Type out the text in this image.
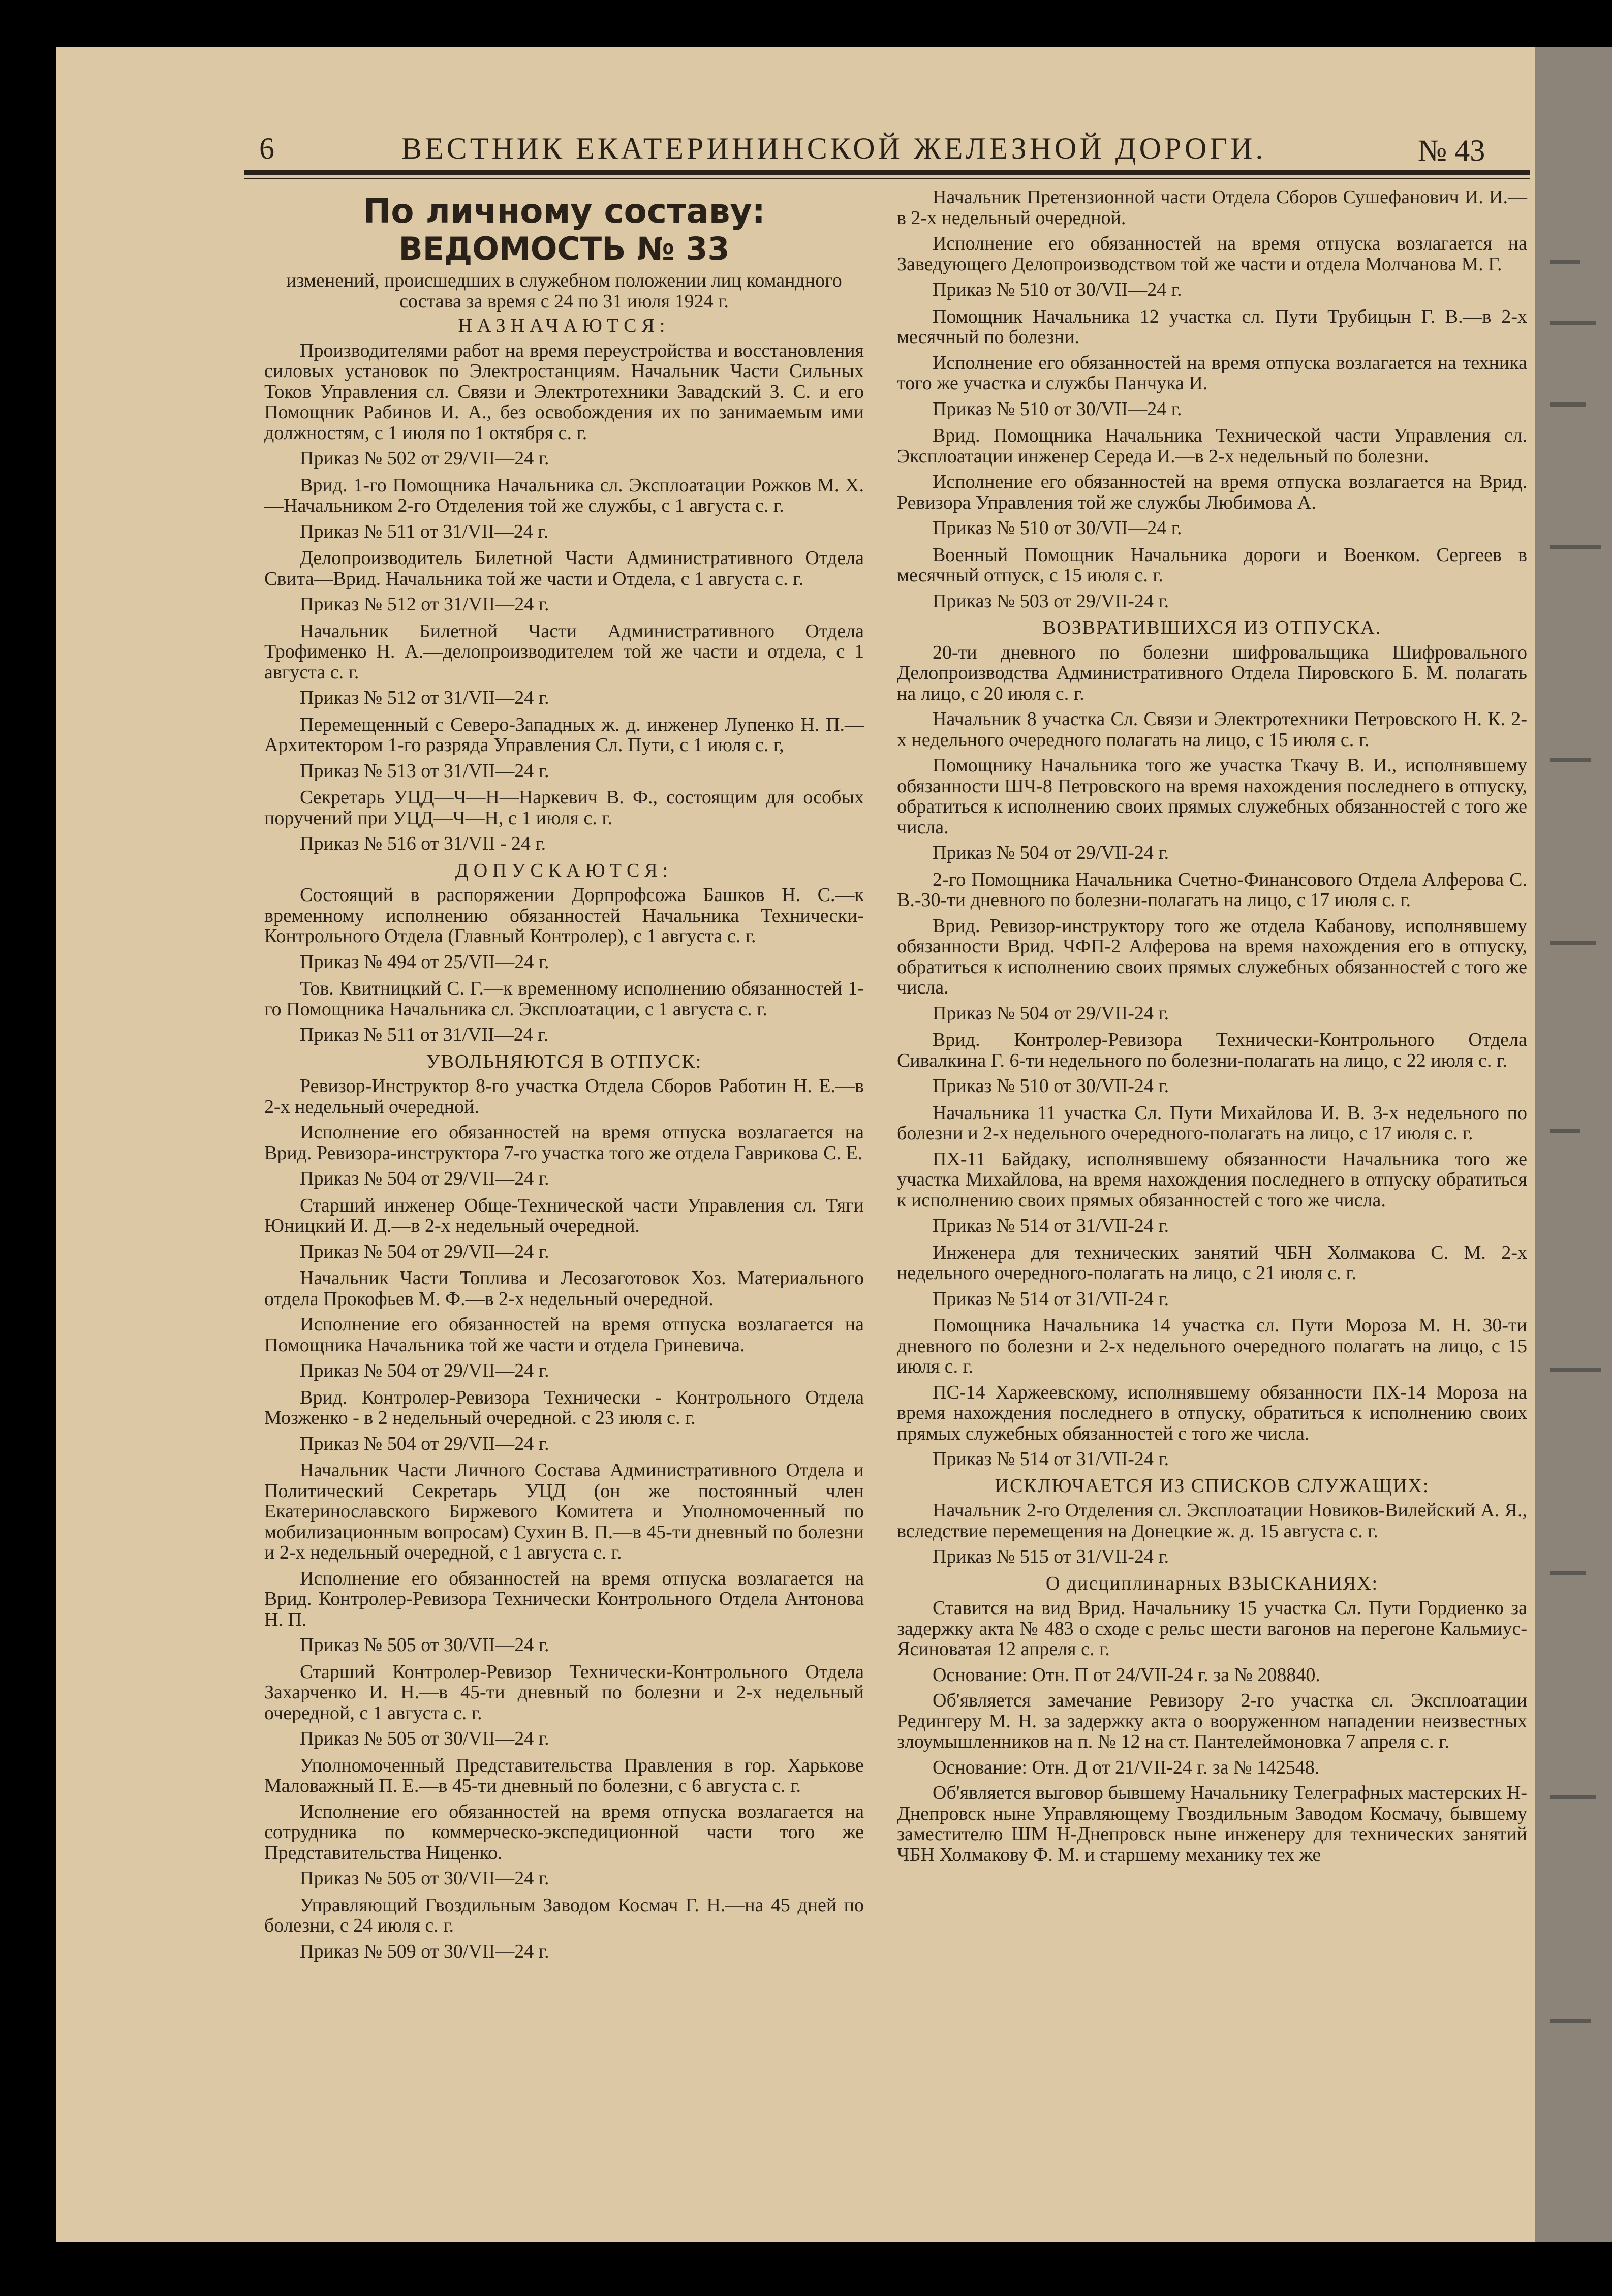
6	ВЕСТНИК ЕКАТЕРИНИНСКОЙ ЖЕЛЕЗНОЙ ДОРОГИ.	№ 43
По личному составу:
ВЕДОМОСТЬ № 33
изменений, происшедших в служебном положении лиц командного состава за время с 24 по 31 июля 1924 г.
НАЗНАЧАЮТСЯ:

Производителями работ на время переустройства и восстановления силовых установок по Электростанциям. Начальник Части Сильных Токов Управления сл. Связи и Электротехники Завадский З. С. и его Помощник Рабинов И. А., без освобождения их по занимаемым ими должностям, с 1 июля по 1 октября с. г.

Приказ № 502 от 29/VII—24 г.

Врид. 1-го Помощника Начальника сл. Эксплоатации Рожков М. Х.—Начальником 2-го Отделения той же службы, с 1 августа с. г.

Приказ № 511 от 31/VII—24 г.

Делопроизводитель Билетной Части Административного Отдела Свита—Врид. Начальника той же части и Отдела, с 1 августа с. г.

Приказ № 512 от 31/VII—24 г.

Начальник Билетной Части Административного Отдела Трофименко Н. А.—делопроизводителем той же части и отдела, с 1 августа с. г.

Приказ № 512 от 31/VII—24 г.

Перемещенный с Северо-Западных ж. д. инженер Лупенко Н. П.—Архитектором 1-го разряда Управления Сл. Пути, с 1 июля с. г,

Приказ № 513 от 31/VII—24 г.

Секретарь УЦД—Ч—Н—Наркевич В. Ф., состоящим для особых поручений при УЦД—Ч—Н, с 1 июля с. г.

Приказ № 516 от 31/VII - 24 г.

ДОПУСКАЮТСЯ:

Состоящий в распоряжении Дорпрофсожа Башков Н. С.—к временному исполнению обязанностей Начальника Технически-Контрольного Отдела (Главный Контролер), с 1 августа с. г.

Приказ № 494 от 25/VII—24 г.

Тов. Квитницкий С. Г.—к временному исполнению обязанностей 1-го Помощника Начальника сл. Эксплоатации, с 1 августа с. г.

Приказ № 511 от 31/VII—24 г.

УВОЛЬНЯЮТСЯ В ОТПУСК:

Ревизор-Инструктор 8-го участка Отдела Сборов Работин Н. Е.—в 2-х недельный очередной.

Исполнение его обязанностей на время отпуска возлагается на Врид. Ревизора-инструктора 7-го участка того же отдела Гаврикова С. Е.

Приказ № 504 от 29/VII—24 г.

Старший инженер Обще-Технической части Управления сл. Тяги Юницкий И. Д.—в 2-х недельный очередной.

Приказ № 504 от 29/VII—24 г.

Начальник Части Топлива и Лесозаготовок Хоз. Материального отдела Прокофьев М. Ф.—в 2-х недельный очередной.

Исполнение его обязанностей на время отпуска возлагается на Помощника Начальника той же части и отдела Гриневича.

Приказ № 504 от 29/VII—24 г.

Врид. Контролер-Ревизора Технически - Контрольного Отдела Мозженко - в 2 недельный очередной. с 23 июля с. г.

Приказ № 504 от 29/VII—24 г.

Начальник Части Личного Состава Административного Отдела и Политический Секретарь УЦД (он же постоянный член Екатеринославского Биржевого Комитета и Уполномоченный по мобилизационным вопросам) Сухин В. П.—в 45-ти дневный по болезни и 2-х недельный очередной, с 1 августа с. г.

Исполнение его обязанностей на время отпуска возлагается на Врид. Контролер-Ревизора Технически Контрольного Отдела Антонова Н. П.

Приказ № 505 от 30/VII—24 г.

Старший Контролер-Ревизор Технически-Контрольного Отдела Захарченко И. Н.—в 45-ти дневный по болезни и 2-х недельный очередной, с 1 августа с. г.

Приказ № 505 от 30/VII—24 г.

Уполномоченный Представительства Правления в гор. Харькове Маловажный П. Е.—в 45-ти дневный по болезни, с 6 августа с. г.

Исполнение его обязанностей на время отпуска возлагается на сотрудника по коммерческо-экспедиционной части того же Представительства Ниценко.

Приказ № 505 от 30/VII—24 г.

Управляющий Гвоздильным Заводом Космач Г. Н.—на 45 дней по болезни, с 24 июля с. г.

Приказ № 509 от 30/VII—24 г.

Начальник Претензионной части Отдела Сборов Сушефанович И. И.—в 2-х недельный очередной.

Исполнение его обязанностей на время отпуска возлагается на Заведующего Делопроизводством той же части и отдела Молчанова М. Г.

Приказ № 510 от 30/VII—24 г.

Помощник Начальника 12 участка сл. Пути Трубицын Г. В.—в 2-х месячный по болезни.

Исполнение его обязанностей на время отпуска возлагается на техника того же участка и службы Панчука И.

Приказ № 510 от 30/VII—24 г.

Врид. Помощника Начальника Технической части Управления сл. Эксплоатации инженер Середа И.—в 2-х недельный по болезни.

Исполнение его обязанностей на время отпуска возлагается на Врид. Ревизора Управления той же службы Любимова А.

Приказ № 510 от 30/VII—24 г.

Военный Помощник Начальника дороги и Военком. Сергеев в месячный отпуск, с 15 июля с. г.

Приказ № 503 от 29/VII-24 г.

ВОЗВРАТИВШИХСЯ ИЗ ОТПУСКА.

20-ти дневного по болезни шифровальщика Шифровального Делопроизводства Административного Отдела Пировского Б. М. полагать на лицо, с 20 июля с. г.

Начальник 8 участка Сл. Связи и Электротехники Петровского Н. К. 2-х недельного очередного полагать на лицо, с 15 июля с. г.

Помощнику Начальника того же участка Ткачу В. И., исполнявшему обязанности ШЧ-8 Петровского на время нахождения последнего в отпуску, обратиться к исполнению своих прямых служебных обязанностей с того же числа.

Приказ № 504 от 29/VII-24 г.

2-го Помощника Начальника Счетно-Финансового Отдела Алферова С. В.-30-ти дневного по болезни-полагать на лицо, с 17 июля с. г.

Врид. Ревизор-инструктору того же отдела Кабанову, исполнявшему обязанности Врид. ЧФП-2 Алферова на время нахождения его в отпуску, обратиться к исполнению своих прямых служебных обязанностей с того же числа.

Приказ № 504 от 29/VII-24 г.

Врид. Контролер-Ревизора Технически-Контрольного Отдела Сивалкина Г. 6-ти недельного по болезни-полагать на лицо, с 22 июля с. г.

Приказ № 510 от 30/VII-24 г.

Начальника 11 участка Сл. Пути Михайлова И. В. 3-х недельного по болезни и 2-х недельного очередного-полагать на лицо, с 17 июля с. г.

ПХ-11 Байдаку, исполнявшему обязанности Начальника того же участка Михайлова, на время нахождения последнего в отпуску обратиться к исполнению своих прямых обязанностей с того же числа.

Приказ № 514 от 31/VII-24 г.

Инженера для технических занятий ЧБН Холмакова С. М. 2-х недельного очередного-полагать на лицо, с 21 июля с. г.

Приказ № 514 от 31/VII-24 г.

Помощника Начальника 14 участка сл. Пути Мороза М. Н. 30-ти дневного по болезни и 2-х недельного очередного полагать на лицо, с 15 июля с. г.

ПС-14 Харжеевскому, исполнявшему обязанности ПХ-14 Мороза на время нахождения последнего в отпуску, обратиться к исполнению своих прямых служебных обязанностей с того же числа.

Приказ № 514 от 31/VII-24 г.

ИСКЛЮЧАЕТСЯ ИЗ СПИСКОВ СЛУЖАЩИХ:

Начальник 2-го Отделения сл. Эксплоатации Новиков-Вилейский А. Я., вследствие перемещения на Донецкие ж. д. 15 августа с. г.

Приказ № 515 от 31/VII-24 г.

О дисциплинарных ВЗЫСКАНИЯХ:

Ставится на вид Врид. Начальнику 15 участка Сл. Пути Гордиенко за задержку акта № 483 о сходе с рельс шести вагонов на перегоне Кальмиус-Ясиноватая 12 апреля с. г.

Основание: Отн. П от 24/VII-24 г. за № 208840.

Об'является замечание Ревизору 2-го участка сл. Эксплоатации Редингеру М. Н. за задержку акта о вооруженном нападении неизвестных злоумышленников на п. № 12 на ст. Пантелеймоновка 7 апреля с. г.

Основание: Отн. Д от 21/VII-24 г. за № 142548.

Об'является выговор бывшему Начальнику Телеграфных мастерских Н-Днепровск ныне Управляющему Гвоздильным Заводом Космачу, бывшему заместителю ШМ Н-Днепровск ныне инженеру для технических занятий ЧБН Холмакову Ф. М. и старшему механику тех же
